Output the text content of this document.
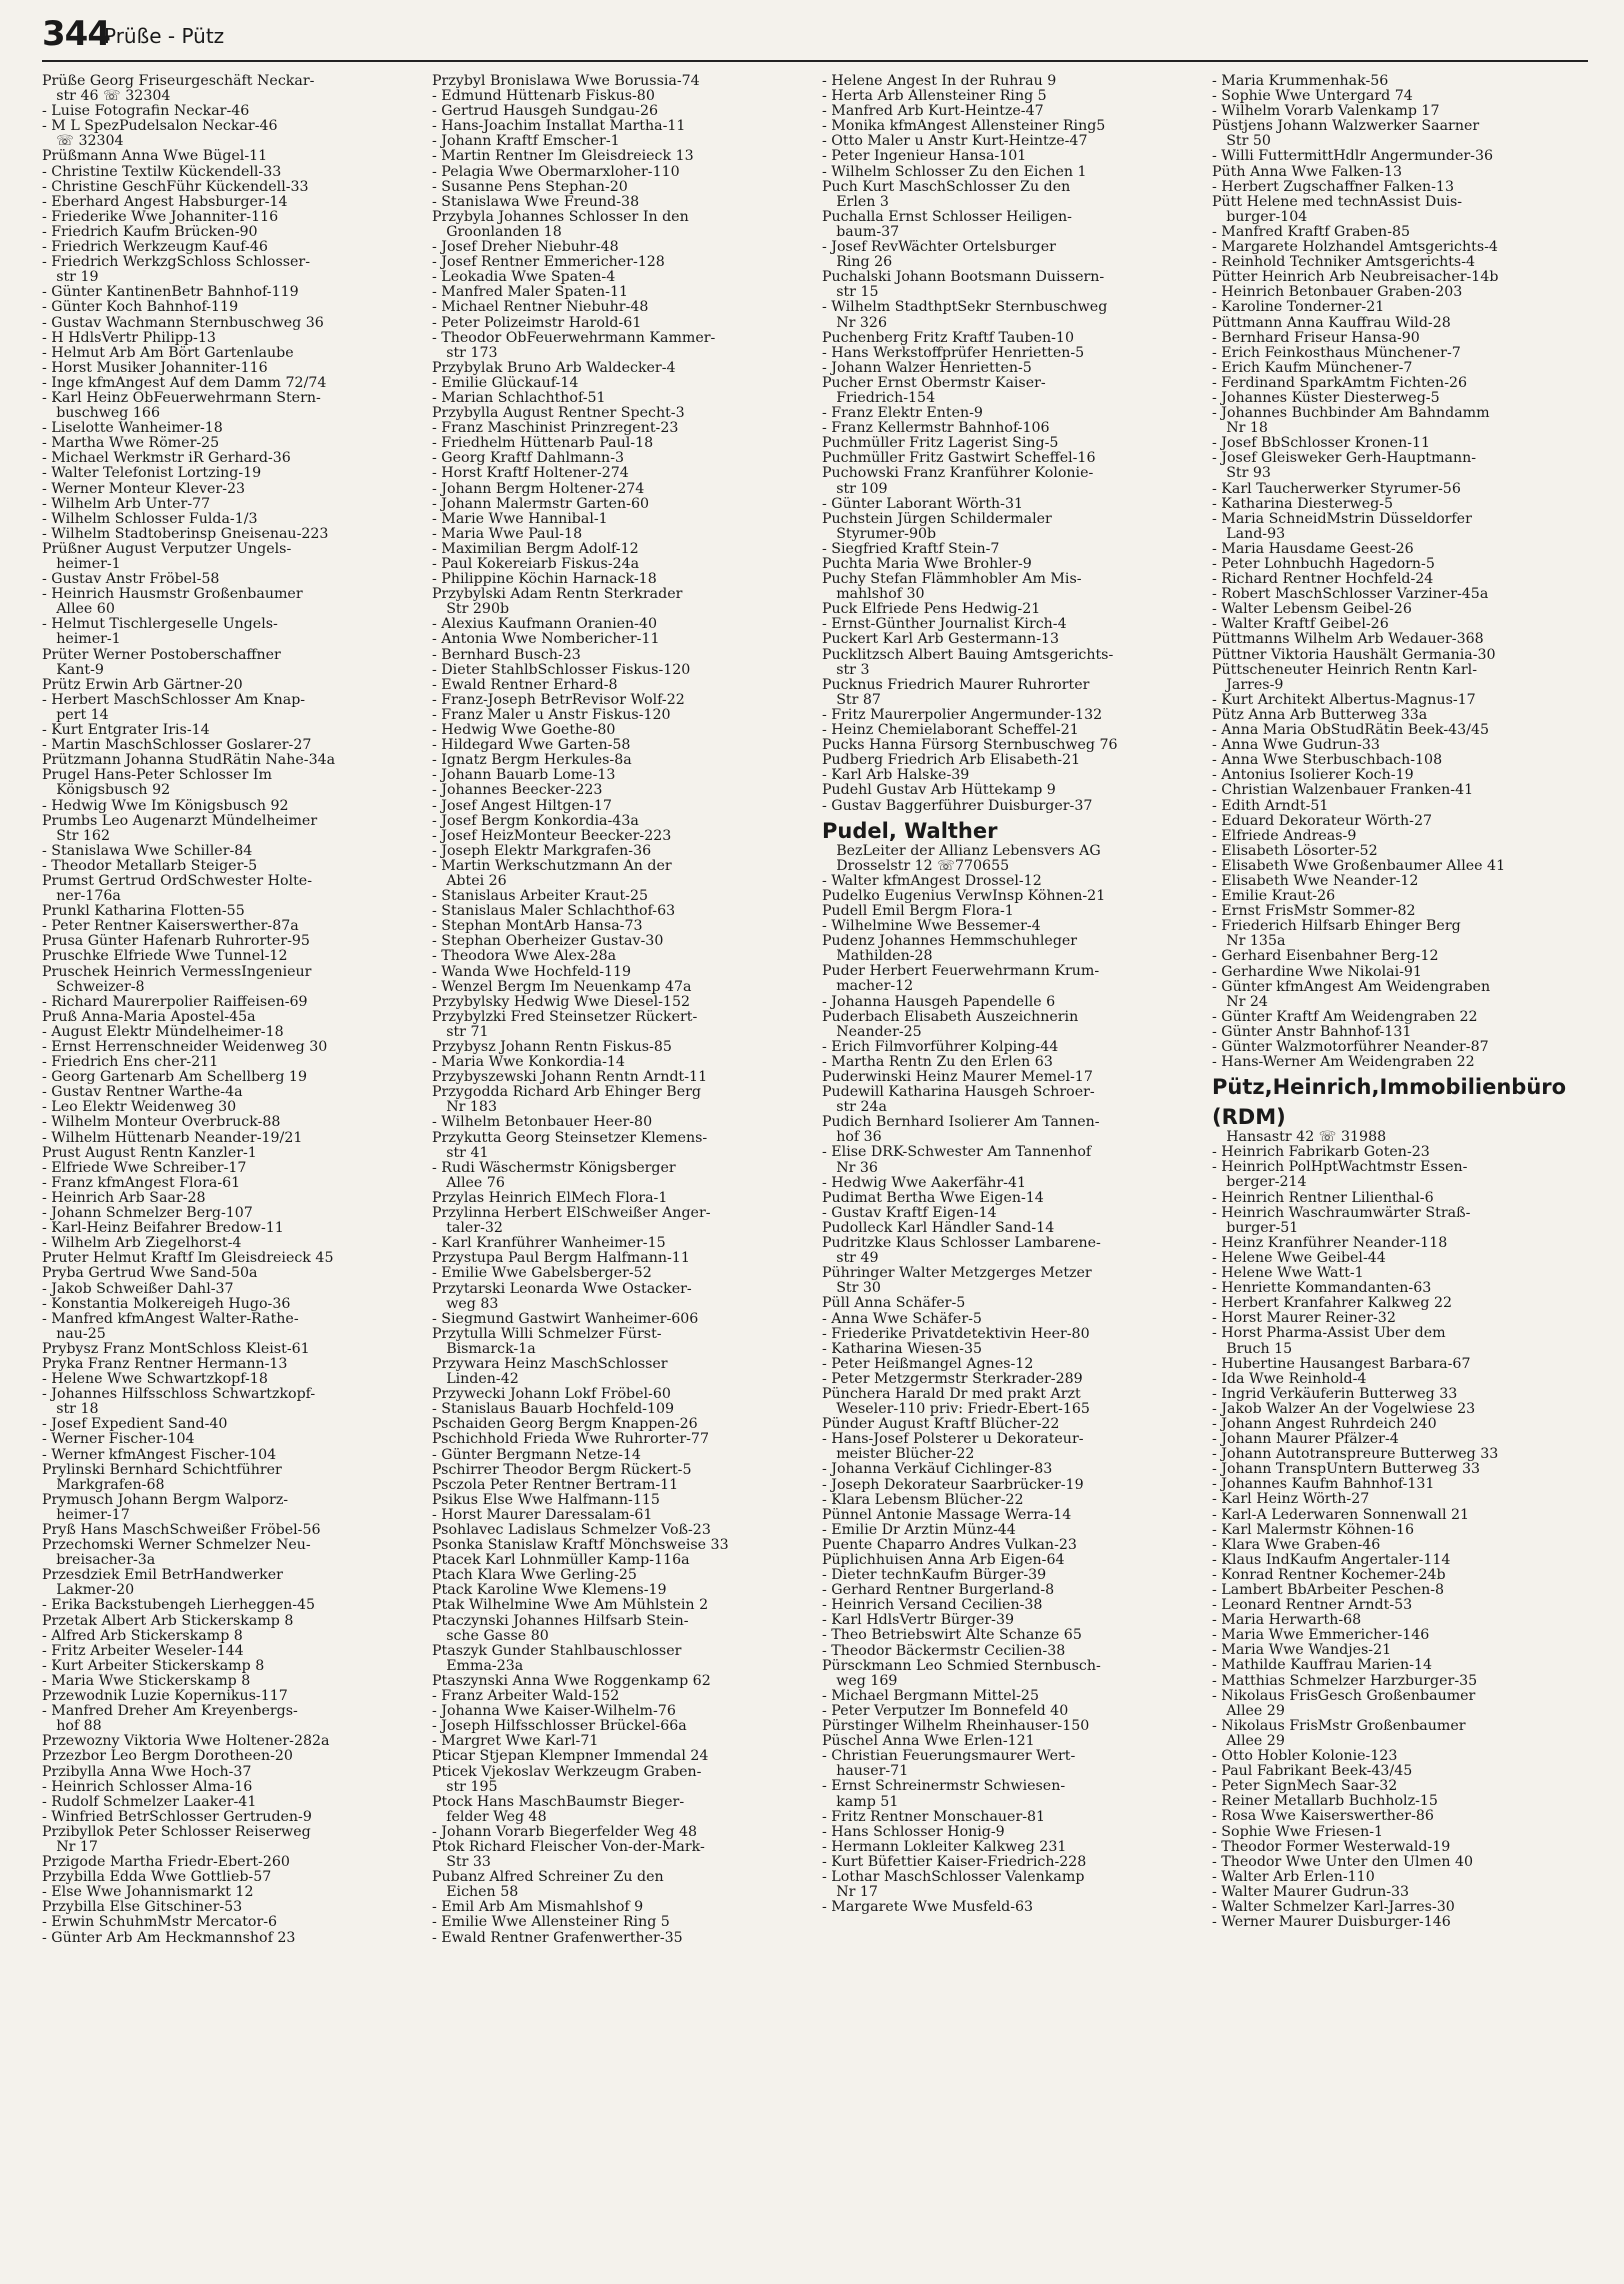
344
Prüße - Pütz
Prüße Georg Friseurgeschäft Neckar-
 str 46 ☏ 32304
- Luise Fotografin Neckar-46
- M L SpezPudelsalon Neckar-46
 ☏ 32304
Prüßmann Anna Wwe Bügel-11
- Christine Textilw Kückendell-33
- Christine GeschFühr Kückendell-33
- Eberhard Angest Habsburger-14
- Friederike Wwe Johanniter-116
- Friedrich Kaufm Brücken-90
- Friedrich Werkzeugm Kauf-46
- Friedrich WerkzgSchloss Schlosser-
 str 19
- Günter KantinenBetr Bahnhof-119
- Günter Koch Bahnhof-119
- Gustav Wachmann Sternbuschweg 36
- H HdlsVertr Philipp-13
- Helmut Arb Am Bört Gartenlaube
- Horst Musiker Johanniter-116
- Inge kfmAngest Auf dem Damm 72/74
- Karl Heinz ObFeuerwehrmann Stern-
 buschweg 166
- Liselotte Wanheimer-18
- Martha Wwe Römer-25
- Michael Werkmstr iR Gerhard-36
- Walter Telefonist Lortzing-19
- Werner Monteur Klever-23
- Wilhelm Arb Unter-77
- Wilhelm Schlosser Fulda-1/3
- Wilhelm Stadtoberinsp Gneisenau-223
Prüßner August Verputzer Ungels-
 heimer-1
- Gustav Anstr Fröbel-58
- Heinrich Hausmstr Großenbaumer
 Allee 60
- Helmut Tischlergeselle Ungels-
 heimer-1
Prüter Werner Postoberschaffner
 Kant-9
Prütz Erwin Arb Gärtner-20
- Herbert MaschSchlosser Am Knap-
 pert 14
- Kurt Entgrater Iris-14
- Martin MaschSchlosser Goslarer-27
Prützmann Johanna StudRätin Nahe-34a
Prugel Hans-Peter Schlosser Im
 Königsbusch 92
- Hedwig Wwe Im Königsbusch 92
Prumbs Leo Augenarzt Mündelheimer
 Str 162
- Stanislawa Wwe Schiller-84
- Theodor Metallarb Steiger-5
Prumst Gertrud OrdSchwester Holte-
 ner-176a
Prunkl Katharina Flotten-55
- Peter Rentner Kaiserswerther-87a
Prusa Günter Hafenarb Ruhrorter-95
Pruschke Elfriede Wwe Tunnel-12
Pruschek Heinrich VermessIngenieur
 Schweizer-8
- Richard Maurerpolier Raiffeisen-69
Pruß Anna-Maria Apostel-45a
- August Elektr Mündelheimer-18
- Ernst Herrenschneider Weidenweg 30
- Friedrich Ens cher-211
- Georg Gartenarb Am Schellberg 19
- Gustav Rentner Warthe-4a
- Leo Elektr Weidenweg 30
- Wilhelm Monteur Overbruck-88
- Wilhelm Hüttenarb Neander-19/21
Prust August Rentn Kanzler-1
- Elfriede Wwe Schreiber-17
- Franz kfmAngest Flora-61
- Heinrich Arb Saar-28
- Johann Schmelzer Berg-107
- Karl-Heinz Beifahrer Bredow-11
- Wilhelm Arb Ziegelhorst-4
Pruter Helmut Kraftf Im Gleisdreieck 45
Pryba Gertrud Wwe Sand-50a
- Jakob Schweißer Dahl-37
- Konstantia Molkereigeh Hugo-36
- Manfred kfmAngest Walter-Rathe-
 nau-25
Prybysz Franz MontSchloss Kleist-61
Pryka Franz Rentner Hermann-13
- Helene Wwe Schwartzkopf-18
- Johannes Hilfsschloss Schwartzkopf-
 str 18
- Josef Expedient Sand-40
- Werner Fischer-104
- Werner kfmAngest Fischer-104
Prylinski Bernhard Schichtführer
 Markgrafen-68
Prymusch Johann Bergm Walporz-
 heimer-17
Pryß Hans MaschSchweißer Fröbel-56
Przechomski Werner Schmelzer Neu-
 breisacher-3a
Przesdziek Emil BetrHandwerker
 Lakmer-20
- Erika Backstubengeh Lierheggen-45
Przetak Albert Arb Stickerskamp 8
- Alfred Arb Stickerskamp 8
- Fritz Arbeiter Weseler-144
- Kurt Arbeiter Stickerskamp 8
- Maria Wwe Stickerskamp 8
Przewodnik Luzie Kopernikus-117
- Manfred Dreher Am Kreyenbergs-
 hof 88
Przewozny Viktoria Wwe Holtener-282a
Przezbor Leo Bergm Dorotheen-20
Przibylla Anna Wwe Hoch-37
- Heinrich Schlosser Alma-16
- Rudolf Schmelzer Laaker-41
- Winfried BetrSchlosser Gertruden-9
Przibyllok Peter Schlosser Reiserweg
 Nr 17
Przigode Martha Friedr-Ebert-260
Przybilla Edda Wwe Gottlieb-57
- Else Wwe Johannismarkt 12
Przybilla Else Gitschiner-53
- Erwin SchuhmMstr Mercator-6
- Günter Arb Am Heckmannshof 23
Przybyl Bronislawa Wwe Borussia-74
- Edmund Hüttenarb Fiskus-80
- Gertrud Hausgeh Sundgau-26
- Hans-Joachim Installat Martha-11
- Johann Kraftf Emscher-1
- Martin Rentner Im Gleisdreieck 13
- Pelagia Wwe Obermarxloher-110
- Susanne Pens Stephan-20
- Stanislawa Wwe Freund-38
Przybyla Johannes Schlosser In den
 Groonlanden 18
- Josef Dreher Niebuhr-48
- Josef Rentner Emmericher-128
- Leokadia Wwe Spaten-4
- Manfred Maler Spaten-11
- Michael Rentner Niebuhr-48
- Peter Polizeimstr Harold-61
- Theodor ObFeuerwehrmann Kammer-
 str 173
Przybylak Bruno Arb Waldecker-4
- Emilie Glückauf-14
- Marian Schlachthof-51
Przybylla August Rentner Specht-3
- Franz Maschinist Prinzregent-23
- Friedhelm Hüttenarb Paul-18
- Georg Kraftf Dahlmann-3
- Horst Kraftf Holtener-274
- Johann Bergm Holtener-274
- Johann Malermstr Garten-60
- Marie Wwe Hannibal-1
- Maria Wwe Paul-18
- Maximilian Bergm Adolf-12
- Paul Kokereiarb Fiskus-24a
- Philippine Köchin Harnack-18
Przybylski Adam Rentn Sterkrader
 Str 290b
- Alexius Kaufmann Oranien-40
- Antonia Wwe Nombericher-11
- Bernhard Busch-23
- Dieter StahlbSchlosser Fiskus-120
- Ewald Rentner Erhard-8
- Franz-Joseph BetrRevisor Wolf-22
- Franz Maler u Anstr Fiskus-120
- Hedwig Wwe Goethe-80
- Hildegard Wwe Garten-58
- Ignatz Bergm Herkules-8a
- Johann Bauarb Lome-13
- Johannes Beecker-223
- Josef Angest Hiltgen-17
- Josef Bergm Konkordia-43a
- Josef HeizMonteur Beecker-223
- Joseph Elektr Markgrafen-36
- Martin Werkschutzmann An der
 Abtei 26
- Stanislaus Arbeiter Kraut-25
- Stanislaus Maler Schlachthof-63
- Stephan MontArb Hansa-73
- Stephan Oberheizer Gustav-30
- Theodora Wwe Alex-28a
- Wanda Wwe Hochfeld-119
- Wenzel Bergm Im Neuenkamp 47a
Przybylsky Hedwig Wwe Diesel-152
Przybylzki Fred Steinsetzer Rückert-
 str 71
Przybysz Johann Rentn Fiskus-85
- Maria Wwe Konkordia-14
Przybyszewski Johann Rentn Arndt-11
Przygodda Richard Arb Ehinger Berg
 Nr 183
- Wilhelm Betonbauer Heer-80
Przykutta Georg Steinsetzer Klemens-
 str 41
- Rudi Wäschermstr Königsberger
 Allee 76
Przylas Heinrich ElMech Flora-1
Przylinna Herbert ElSchweißer Anger-
 taler-32
- Karl Kranführer Wanheimer-15
Przystupa Paul Bergm Halfmann-11
- Emilie Wwe Gabelsberger-52
Przytarski Leonarda Wwe Ostacker-
 weg 83
- Siegmund Gastwirt Wanheimer-606
Przytulla Willi Schmelzer Fürst-
 Bismarck-1a
Przywara Heinz MaschSchlosser
 Linden-42
Przywecki Johann Lokf Fröbel-60
- Stanislaus Bauarb Hochfeld-109
Pschaiden Georg Bergm Knappen-26
Pschichhold Frieda Wwe Ruhrorter-77
- Günter Bergmann Netze-14
Pschirrer Theodor Bergm Rückert-5
Psczola Peter Rentner Bertram-11
Psikus Else Wwe Halfmann-115
- Horst Maurer Daressalam-61
Psohlavec Ladislaus Schmelzer Voß-23
Psonka Stanislaw Kraftf Mönchsweise 33
Ptacek Karl Lohnmüller Kamp-116a
Ptach Klara Wwe Gerling-25
Ptack Karoline Wwe Klemens-19
Ptak Wilhelmine Wwe Am Mühlstein 2
Ptaczynski Johannes Hilfsarb Stein-
 sche Gasse 80
Ptaszyk Gunder Stahlbauschlosser
 Emma-23a
Ptaszynski Anna Wwe Roggenkamp 62
- Franz Arbeiter Wald-152
- Johanna Wwe Kaiser-Wilhelm-76
- Joseph Hilfsschlosser Brückel-66a
- Margret Wwe Karl-71
Pticar Stjepan Klempner Immendal 24
Pticek Vjekoslav Werkzeugm Graben-
 str 195
Ptock Hans MaschBaumstr Bieger-
 felder Weg 48
- Johann Vorarb Biegerfelder Weg 48
Ptok Richard Fleischer Von-der-Mark-
 Str 33
Pubanz Alfred Schreiner Zu den
 Eichen 58
- Emil Arb Am Mismahlshof 9
- Emilie Wwe Allensteiner Ring 5
- Ewald Rentner Grafenwerther-35
- Helene Angest In der Ruhrau 9
- Herta Arb Allensteiner Ring 5
- Manfred Arb Kurt-Heintze-47
- Monika kfmAngest Allensteiner Ring5
- Otto Maler u Anstr Kurt-Heintze-47
- Peter Ingenieur Hansa-101
- Wilhelm Schlosser Zu den Eichen 1
Puch Kurt MaschSchlosser Zu den
 Erlen 3
Puchalla Ernst Schlosser Heiligen-
 baum-37
- Josef RevWächter Ortelsburger
 Ring 26
Puchalski Johann Bootsmann Duissern-
 str 15
- Wilhelm StadthptSekr Sternbuschweg
 Nr 326
Puchenberg Fritz Kraftf Tauben-10
- Hans Werkstoffprüfer Henrietten-5
- Johann Walzer Henrietten-5
Pucher Ernst Obermstr Kaiser-
 Friedrich-154
- Franz Elektr Enten-9
- Franz Kellermstr Bahnhof-106
Puchmüller Fritz Lagerist Sing-5
Puchmüller Fritz Gastwirt Scheffel-16
Puchowski Franz Kranführer Kolonie-
 str 109
- Günter Laborant Wörth-31
Puchstein Jürgen Schildermaler
 Styrumer-90b
- Siegfried Kraftf Stein-7
Puchta Maria Wwe Brohler-9
Puchy Stefan Flämmhobler Am Mis-
 mahlshof 30
Puck Elfriede Pens Hedwig-21
- Ernst-Günther Journalist Kirch-4
Puckert Karl Arb Gestermann-13
Pucklitzsch Albert Bauing Amtsgerichts-
 str 3
Pucknus Friedrich Maurer Ruhrorter
 Str 87
- Fritz Maurerpolier Angermunder-132
- Heinz Chemielaborant Scheffel-21
Pucks Hanna Fürsorg Sternbuschweg 76
Pudberg Friedrich Arb Elisabeth-21
- Karl Arb Halske-39
Pudehl Gustav Arb Hüttekamp 9
- Gustav Baggerführer Duisburger-37
Pudel, Walther
 BezLeiter der Allianz Lebensvers AG
 Drosselstr 12 ☏770655
- Walter kfmAngest Drossel-12
Pudelko Eugenius VerwInsp Köhnen-21
Pudell Emil Bergm Flora-1
- Wilhelmine Wwe Bessemer-4
Pudenz Johannes Hemmschuhleger
 Mathilden-28
Puder Herbert Feuerwehrmann Krum-
 macher-12
- Johanna Hausgeh Papendelle 6
Puderbach Elisabeth Auszeichnerin
 Neander-25
- Erich Filmvorführer Kolping-44
- Martha Rentn Zu den Erlen 63
Puderwinski Heinz Maurer Memel-17
Pudewill Katharina Hausgeh Schroer-
 str 24a
Pudich Bernhard Isolierer Am Tannen-
 hof 36
- Elise DRK-Schwester Am Tannenhof
 Nr 36
- Hedwig Wwe Aakerfähr-41
Pudimat Bertha Wwe Eigen-14
- Gustav Kraftf Eigen-14
Pudolleck Karl Händler Sand-14
Pudritzke Klaus Schlosser Lambarene-
 str 49
Pühringer Walter Metzgerges Metzer
 Str 30
Püll Anna Schäfer-5
- Anna Wwe Schäfer-5
- Friederike Privatdetektivin Heer-80
- Katharina Wiesen-35
- Peter Heißmangel Agnes-12
- Peter Metzgermstr Sterkrader-289
Pünchera Harald Dr med prakt Arzt
 Weseler-110 priv: Friedr-Ebert-165
Pünder August Kraftf Blücher-22
- Hans-Josef Polsterer u Dekorateur-
 meister Blücher-22
- Johanna Verkäuf Cichlinger-83
- Joseph Dekorateur Saarbrücker-19
- Klara Lebensm Blücher-22
Pünnel Antonie Massage Werra-14
- Emilie Dr Ärztin Münz-44
Puente Chaparro Andres Vulkan-23
Püplichhuisen Anna Arb Eigen-64
- Dieter technKaufm Bürger-39
- Gerhard Rentner Burgerland-8
- Heinrich Versand Cecilien-38
- Karl HdlsVertr Bürger-39
- Theo Betriebswirt Alte Schanze 65
- Theodor Bäckermstr Cecilien-38
Pürsckmann Leo Schmied Sternbusch-
 weg 169
- Michael Bergmann Mittel-25
- Peter Verputzer Im Bonnefeld 40
Pürstinger Wilhelm Rheinhauser-150
Püschel Anna Wwe Erlen-121
- Christian Feuerungsmaurer Wert-
 hauser-71
- Ernst Schreinermstr Schwiesen-
 kamp 51
- Fritz Rentner Monschauer-81
- Hans Schlosser Honig-9
- Hermann Lokleiter Kalkweg 231
- Kurt Büfettier Kaiser-Friedrich-228
- Lothar MaschSchlosser Valenkamp
 Nr 17
- Margarete Wwe Musfeld-63
- Maria Krummenhak-56
- Sophie Wwe Untergard 74
- Wilhelm Vorarb Valenkamp 17
Püstjens Johann Walzwerker Saarner
 Str 50
- Willi FuttermittHdlr Angermunder-36
Püth Anna Wwe Falken-13
- Herbert Zugschaffner Falken-13
Pütt Helene med technAssist Duis-
 burger-104
- Manfred Kraftf Graben-85
- Margarete Holzhandel Amtsgerichts-4
- Reinhold Techniker Amtsgerichts-4
Pütter Heinrich Arb Neubreisacher-14b
- Heinrich Betonbauer Graben-203
- Karoline Tonderner-21
Püttmann Anna Kauffrau Wild-28
- Bernhard Friseur Hansa-90
- Erich Feinkosthaus Münchener-7
- Erich Kaufm Münchener-7
- Ferdinand SparkAmtm Fichten-26
- Johannes Küster Diesterweg-5
- Johannes Buchbinder Am Bahndamm
 Nr 18
- Josef BbSchlosser Kronen-11
- Josef Gleisweker Gerh-Hauptmann-
 Str 93
- Karl Taucherwerker Styrumer-56
- Katharina Diesterweg-5
- Maria SchneidMstrin Düsseldorfer
 Land-93
- Maria Hausdame Geest-26
- Peter Lohnbuchh Hagedorn-5
- Richard Rentner Hochfeld-24
- Robert MaschSchlosser Varziner-45a
- Walter Lebensm Geibel-26
- Walter Kraftf Geibel-26
Püttmanns Wilhelm Arb Wedauer-368
Püttner Viktoria Haushält Germania-30
Püttscheneuter Heinrich Rentn Karl-
 Jarres-9
- Kurt Architekt Albertus-Magnus-17
Pütz Anna Arb Butterweg 33a
- Anna Maria ObStudRätin Beek-43/45
- Anna Wwe Gudrun-33
- Anna Wwe Sterbuschbach-108
- Antonius Isolierer Koch-19
- Christian Walzenbauer Franken-41
- Edith Arndt-51
- Eduard Dekorateur Wörth-27
- Elfriede Andreas-9
- Elisabeth Lösorter-52
- Elisabeth Wwe Großenbaumer Allee 41
- Elisabeth Wwe Neander-12
- Emilie Kraut-26
- Ernst FrisMstr Sommer-82
- Friederich Hilfsarb Ehinger Berg
 Nr 135a
- Gerhard Eisenbahner Berg-12
- Gerhardine Wwe Nikolai-91
- Günter kfmAngest Am Weidengraben
 Nr 24
- Günter Kraftf Am Weidengraben 22
- Günter Anstr Bahnhof-131
- Günter Walzmotorführer Neander-87
- Hans-Werner Am Weidengraben 22
Pütz,Heinrich,Immobilienbüro
(RDM)
 Hansastr 42 ☏ 31988
- Heinrich Fabrikarb Goten-23
- Heinrich PolHptWachtmstr Essen-
 berger-214
- Heinrich Rentner Lilienthal-6
- Heinrich Waschraumwärter Straß-
 burger-51
- Heinz Kranführer Neander-118
- Helene Wwe Geibel-44
- Helene Wwe Watt-1
- Henriette Kommandanten-63
- Herbert Kranfahrer Kalkweg 22
- Horst Maurer Reiner-32
- Horst Pharma-Assist Über dem
 Bruch 15
- Hubertine Hausangest Barbara-67
- Ida Wwe Reinhold-4
- Ingrid Verkäuferin Butterweg 33
- Jakob Walzer An der Vogelwiese 23
- Johann Angest Ruhrdeich 240
- Johann Maurer Pfälzer-4
- Johann Autotranspreure Butterweg 33
- Johann TranspUntern Butterweg 33
- Johannes Kaufm Bahnhof-131
- Karl Heinz Wörth-27
- Karl-A Lederwaren Sonnenwall 21
- Karl Malermstr Köhnen-16
- Klara Wwe Graben-46
- Klaus IndKaufm Angertaler-114
- Konrad Rentner Kochemer-24b
- Lambert BbArbeiter Peschen-8
- Leonard Rentner Arndt-53
- Maria Herwarth-68
- Maria Wwe Emmericher-146
- Maria Wwe Wandjes-21
- Mathilde Kauffrau Marien-14
- Matthias Schmelzer Harzburger-35
- Nikolaus FrisGesch Großenbaumer
 Allee 29
- Nikolaus FrisMstr Großenbaumer
 Allee 29
- Otto Hobler Kolonie-123
- Paul Fabrikant Beek-43/45
- Peter SignMech Saar-32
- Reiner Metallarb Buchholz-15
- Rosa Wwe Kaiserswerther-86
- Sophie Wwe Friesen-1
- Theodor Former Westerwald-19
- Theodor Wwe Unter den Ulmen 40
- Walter Arb Erlen-110
- Walter Maurer Gudrun-33
- Walter Schmelzer Karl-Jarres-30
- Werner Maurer Duisburger-146
